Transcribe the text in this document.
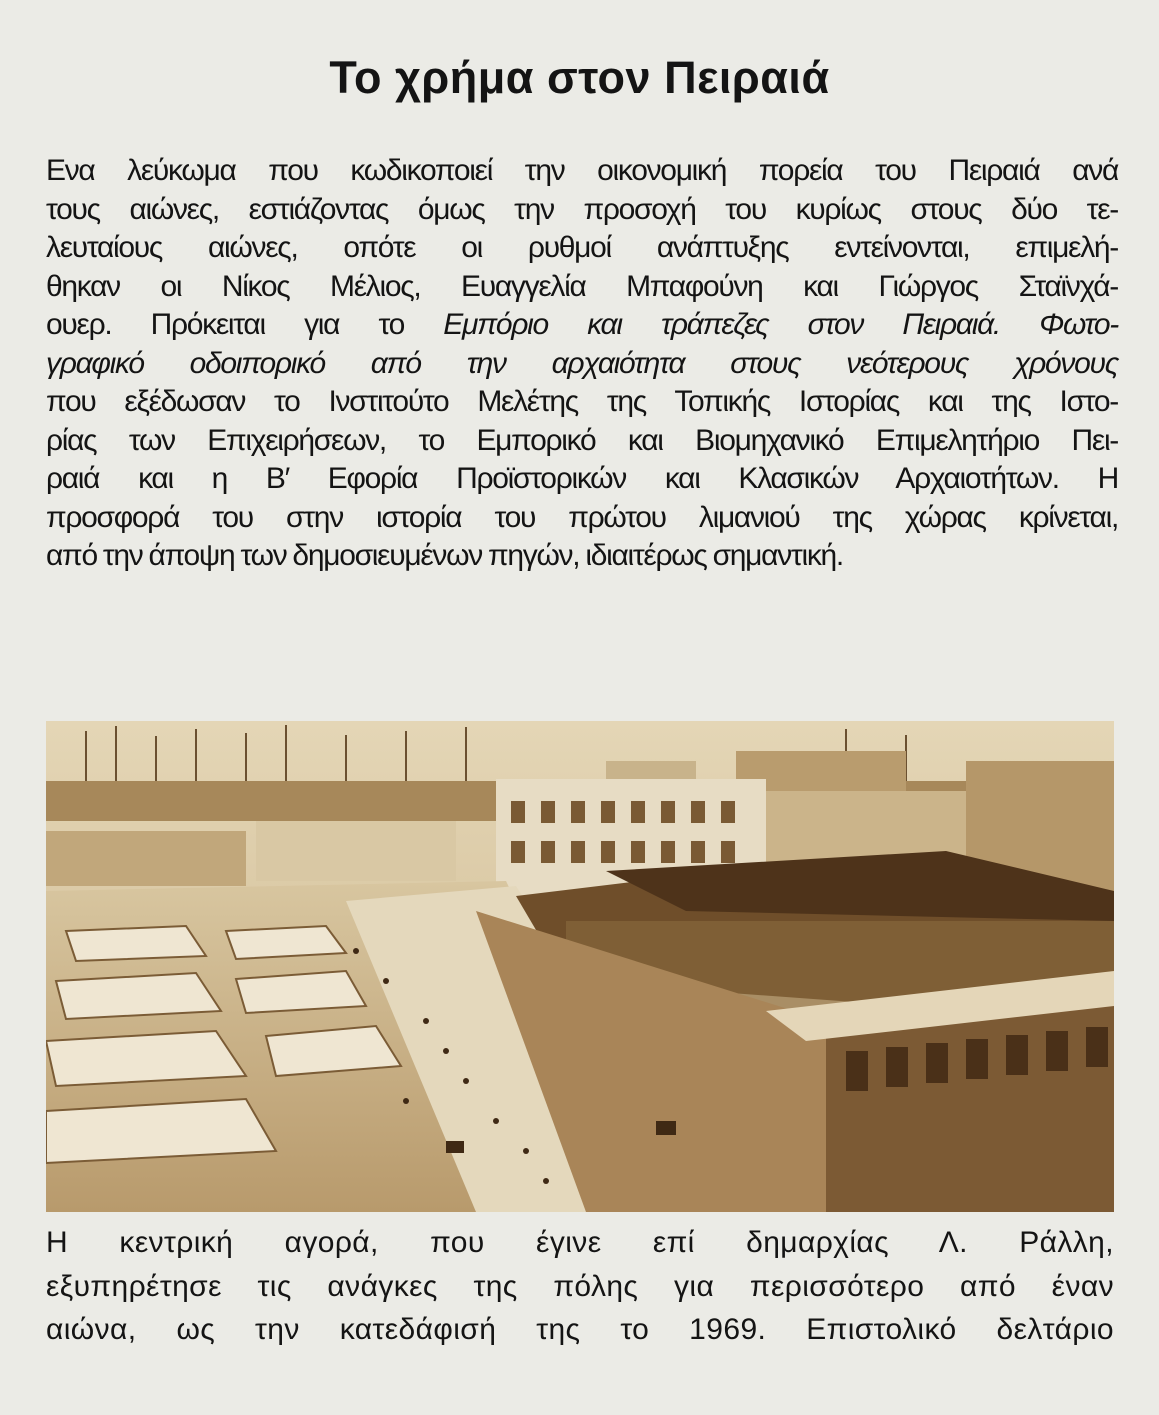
Το χρήμα στον Πειραιά

Ενα λεύκωμα που κωδικοποιεί την οικονομική πορεία του Πειραιά ανά
τους αιώνες, εστιάζοντας όμως την προσοχή του κυρίως στους δύο τε-
λευταίους αιώνες, οπότε οι ρυθμοί ανάπτυξης εντείνονται, επιμελή-
θηκαν οι Νίκος Μέλιος, Ευαγγελία Μπαφούνη και Γιώργος Σταϊνχά-
ουερ. Πρόκειται για το Εμπόριο και τράπεζες στον Πειραιά. Φωτο-
γραφικό οδοιπορικό από την αρχαιότητα στους νεότερους χρόνους
που εξέδωσαν το Ινστιτούτο Μελέτης της Τοπικής Ιστορίας και της Ιστο-
ρίας των Επιχειρήσεων, το Εμπορικό και Βιομηχανικό Επιμελητήριο Πει-
ραιά και η Β′ Εφορία Προϊστορικών και Κλασικών Αρχαιοτήτων. Η
προσφορά του στην ιστορία του πρώτου λιμανιού της χώρας κρίνεται,
από την άποψη των δημοσιευμένων πηγών, ιδιαιτέρως σημαντική.

Η κεντρική αγορά, που έγινε επί δημαρχίας Λ. Ράλλη,
εξυπηρέτησε τις ανάγκες της πόλης για περισσότερο από έναν
αιώνα, ως την κατεδάφισή της το 1969. Επιστολικό δελτάριο
